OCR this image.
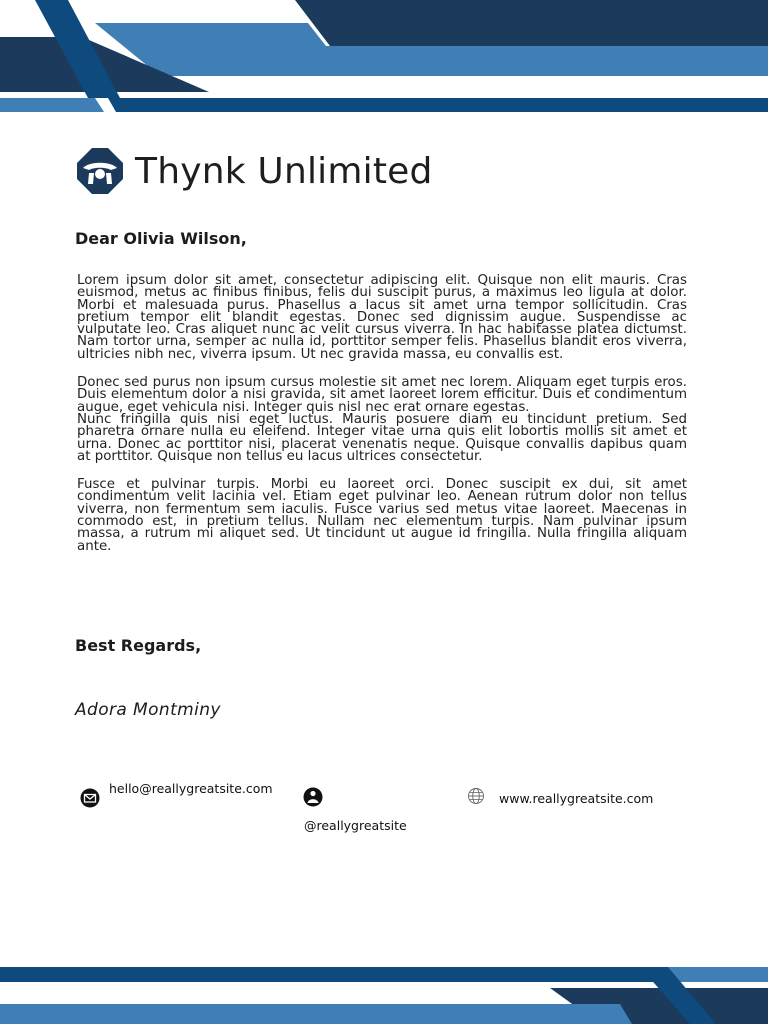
Thynk Unlimited
Dear Olivia Wilson,

Lorem ipsum dolor sit amet, consectetur adipiscing elit. Quisque non elit mauris. Cras euismod, metus ac finibus finibus, felis dui suscipit purus, a maximus leo ligula at dolor. Morbi et malesuada purus. Phasellus a lacus sit amet urna tempor sollicitudin. Cras pretium tempor elit blandit egestas. Donec sed dignissim augue. Suspendisse ac vulputate leo. Cras aliquet nunc ac velit cursus viverra. In hac habitasse platea dictumst. Nam tortor urna, semper ac nulla id, porttitor semper felis. Phasellus blandit eros viverra, ultricies nibh nec, viverra ipsum. Ut nec gravida massa, eu convallis est.

Donec sed purus non ipsum cursus molestie sit amet nec lorem. Aliquam eget turpis eros. Duis elementum dolor a nisi gravida, sit amet laoreet lorem efficitur. Duis et condimentum augue, eget vehicula nisi. Integer quis nisl nec erat ornare egestas.

Nunc fringilla quis nisi eget luctus. Mauris posuere diam eu tincidunt pretium. Sed pharetra ornare nulla eu eleifend. Integer vitae urna quis elit lobortis mollis sit amet et urna. Donec ac porttitor nisi, placerat venenatis neque. Quisque convallis dapibus quam at porttitor. Quisque non tellus eu lacus ultrices consectetur.

Fusce et pulvinar turpis. Morbi eu laoreet orci. Donec suscipit ex dui, sit amet condimentum velit lacinia vel. Etiam eget pulvinar leo. Aenean rutrum dolor non tellus viverra, non fermentum sem iaculis. Fusce varius sed metus vitae laoreet. Maecenas in commodo est, in pretium tellus. Nullam nec elementum turpis. Nam pulvinar ipsum massa, a rutrum mi aliquet sed. Ut tincidunt ut augue id fringilla. Nulla fringilla aliquam ante.

Best Regards,
Adora Montminy
hello@reallygreatsite.com
@reallygreatsite
www.reallygreatsite.com
